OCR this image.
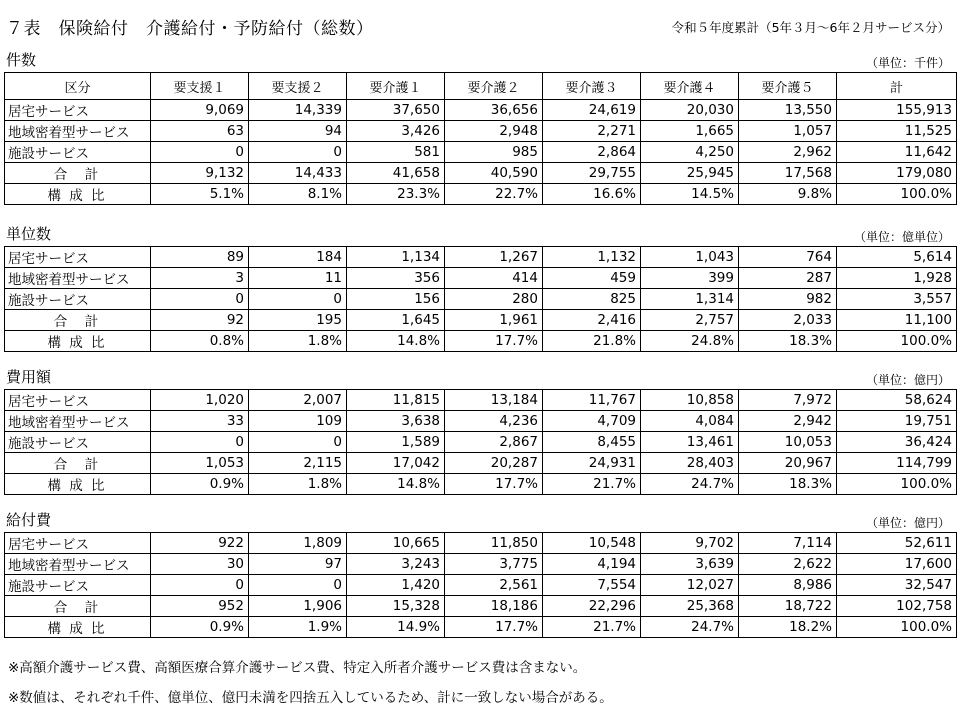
７表　保険給付　介護給付・予防給付（総数）	令和５年度累計（5年３月～6年２月サービス分）
件数	（単位：千件）
区分	要支援１	要支援２	要介護１	要介護２	要介護３	要介護４	要介護５	計
居宅サービス	9,069	14,339	37,650	36,656	24,619	20,030	13,550	155,913
地域密着型サービス	63	94	3,426	2,948	2,271	1,665	1,057	11,525
施設サービス	0	0	581	985	2,864	4,250	2,962	11,642
合　計	9,132	14,433	41,658	40,590	29,755	25,945	17,568	179,080
構 成 比	5.1%	8.1%	23.3%	22.7%	16.6%	14.5%	9.8%	100.0%
単位数	（単位：億単位）
居宅サービス	89	184	1,134	1,267	1,132	1,043	764	5,614
地域密着型サービス	3	11	356	414	459	399	287	1,928
施設サービス	0	0	156	280	825	1,314	982	3,557
合　計	92	195	1,645	1,961	2,416	2,757	2,033	11,100
構 成 比	0.8%	1.8%	14.8%	17.7%	21.8%	24.8%	18.3%	100.0%
費用額	（単位：億円）
居宅サービス	1,020	2,007	11,815	13,184	11,767	10,858	7,972	58,624
地域密着型サービス	33	109	3,638	4,236	4,709	4,084	2,942	19,751
施設サービス	0	0	1,589	2,867	8,455	13,461	10,053	36,424
合　計	1,053	2,115	17,042	20,287	24,931	28,403	20,967	114,799
構 成 比	0.9%	1.8%	14.8%	17.7%	21.7%	24.7%	18.3%	100.0%
給付費	（単位：億円）
居宅サービス	922	1,809	10,665	11,850	10,548	9,702	7,114	52,611
地域密着型サービス	30	97	3,243	3,775	4,194	3,639	2,622	17,600
施設サービス	0	0	1,420	2,561	7,554	12,027	8,986	32,547
合　計	952	1,906	15,328	18,186	22,296	25,368	18,722	102,758
構 成 比	0.9%	1.9%	14.9%	17.7%	21.7%	24.7%	18.2%	100.0%
※高額介護サービス費、高額医療合算介護サービス費、特定入所者介護サービス費は含まない。
※数値は、それぞれ千件、億単位、億円未満を四捨五入しているため、計に一致しない場合がある。
